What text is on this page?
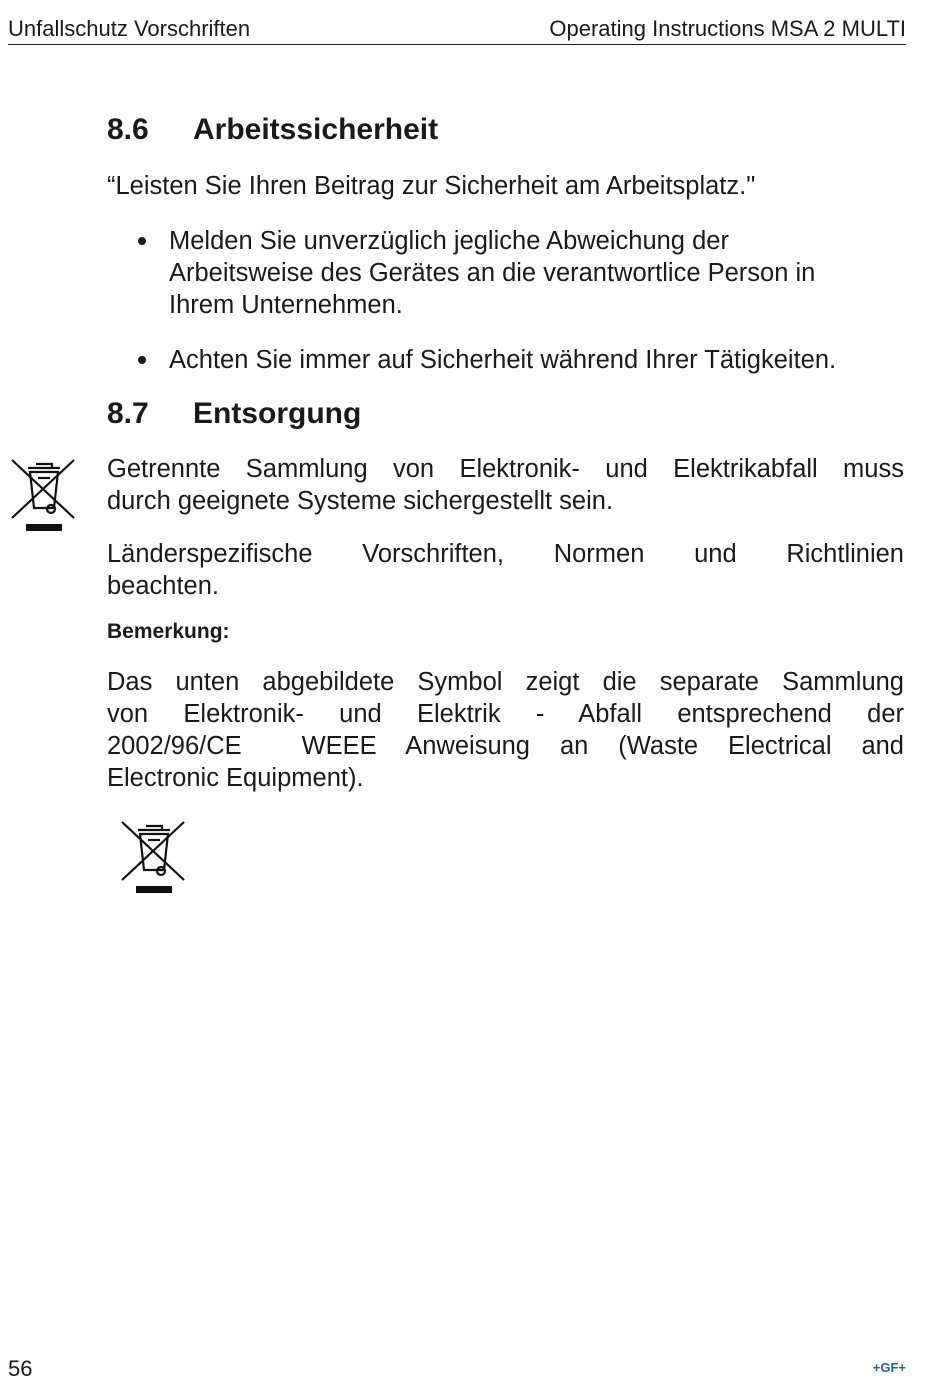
Unfallschutz Vorschriften	Operating Instructions MSA 2 MULTI
8.6 Arbeitssicherheit
“Leisten Sie Ihren Beitrag zur Sicherheit am Arbeitsplatz."
Melden Sie unverzüglich jegliche Abweichung der
Arbeitsweise des Gerätes an die verantwortlice Person in
Ihrem Unternehmen.
Achten Sie immer auf Sicherheit während Ihrer Tätigkeiten.
8.7 Entsorgung
Getrennte Sammlung von Elektronik- und Elektrikabfall muss
durch geeignete Systeme sichergestellt sein.
Länderspezifische Vorschriften, Normen und Richtlinien
beachten.
Bemerkung:
Das unten abgebildete Symbol zeigt die separate Sammlung
von Elektronik- und Elektrik - Abfall entsprechend der
2002/96/CE  WEEE Anweisung an (Waste Electrical and
Electronic Equipment).
56	+GF+
